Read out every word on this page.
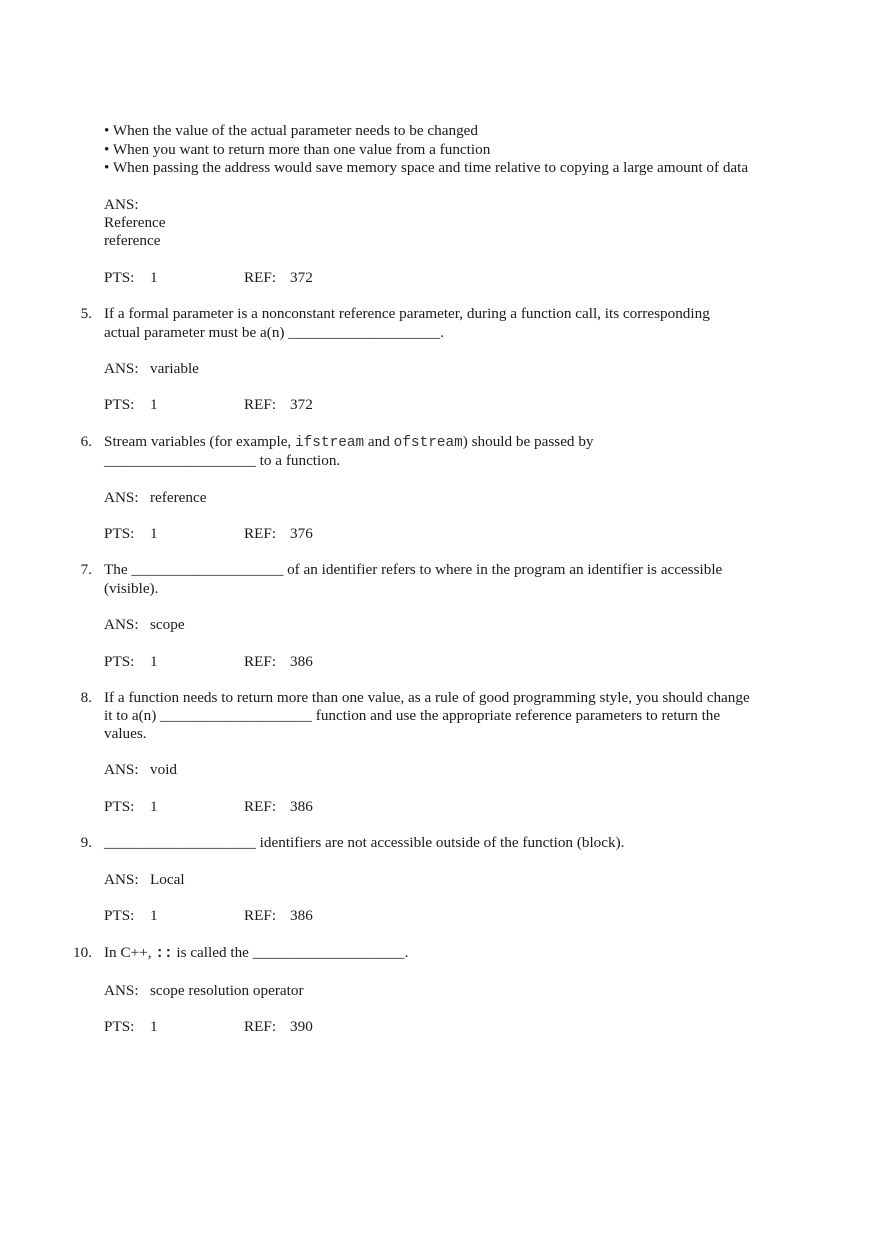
• When the value of the actual parameter needs to be changed
• When you want to return more than one value from a function
• When passing the address would save memory space and time relative to copying a large amount of data
ANS:
Reference
reference
PTS: 1	REF: 372
5. If a formal parameter is a nonconstant reference parameter, during a function call, its corresponding
actual parameter must be a(n) ____________________.
ANS: variable
PTS: 1	REF: 372
6. Stream variables (for example, ifstream and ofstream) should be passed by
____________________ to a function.
ANS: reference
PTS: 1	REF: 376
7. The ____________________ of an identifier refers to where in the program an identifier is accessible
(visible).
ANS: scope
PTS: 1	REF: 386
8. If a function needs to return more than one value, as a rule of good programming style, you should change
it to a(n) ____________________ function and use the appropriate reference parameters to return the
values.
ANS: void
PTS: 1	REF: 386
9. ____________________ identifiers are not accessible outside of the function (block).
ANS: Local
PTS: 1	REF: 386
10. In C++, :: is called the ____________________.
ANS: scope resolution operator
PTS: 1	REF: 390
